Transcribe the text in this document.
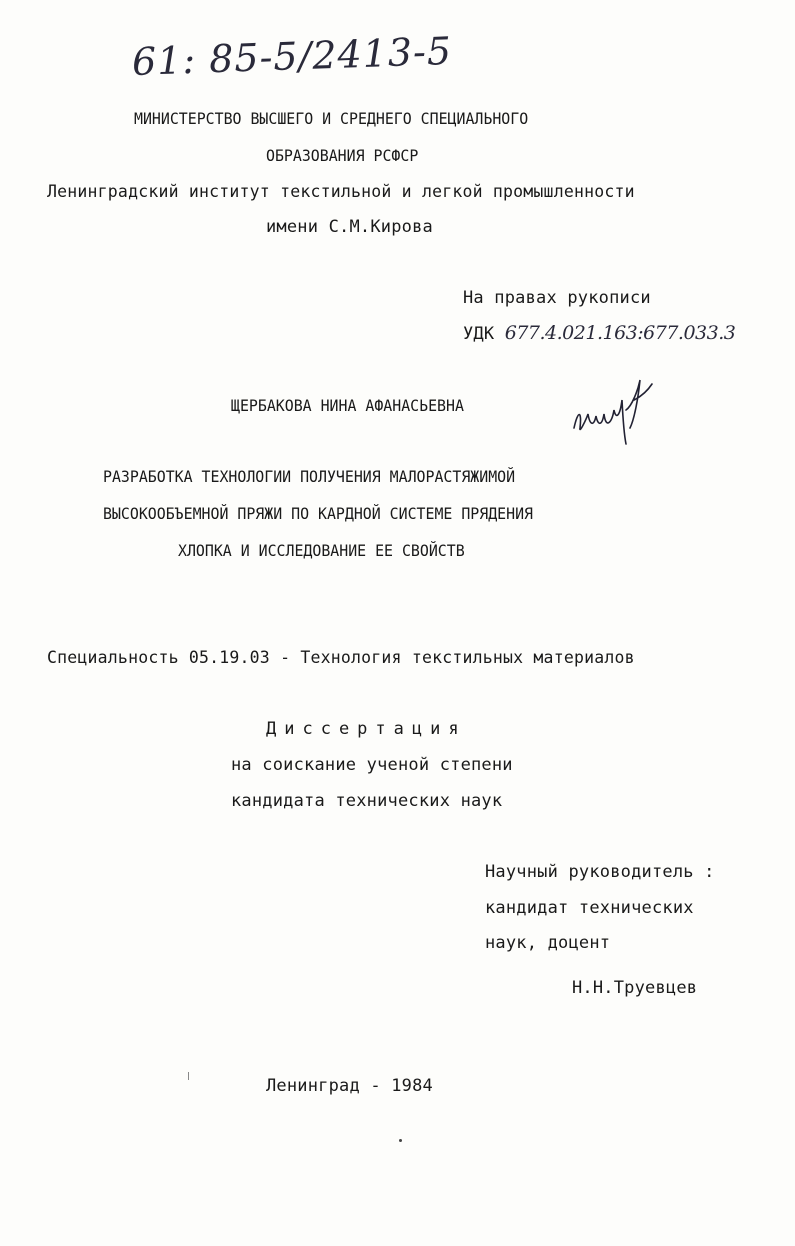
61: 85-5/2413-5
МИНИСТЕРСТВО ВЫСШЕГО И СРЕДНЕГО СПЕЦИАЛЬНОГО
ОБРАЗОВАНИЯ РСФСР
Ленинградский институт текстильной и легкой промышленности
имени С.М.Кирова
На правах рукописи
УДК 677.4.021.163:677.033.3
ЩЕРБАКОВА НИНА АФАНАСЬЕВНА
РАЗРАБОТКА ТЕХНОЛОГИИ ПОЛУЧЕНИЯ МАЛОРАСТЯЖИМОЙ
ВЫСОКООБЪЕМНОЙ ПРЯЖИ ПО КАРДНОЙ СИСТЕМЕ ПРЯДЕНИЯ
ХЛОПКА И ИССЛЕДОВАНИЕ ЕЕ СВОЙСТВ
Специальность 05.19.03 - Технология текстильных материалов
Диссертация
на соискание ученой степени
кандидата технических наук
Научный руководитель :
кандидат технических
наук, доцент
Н.Н.Труевцев
Ленинград - 1984
